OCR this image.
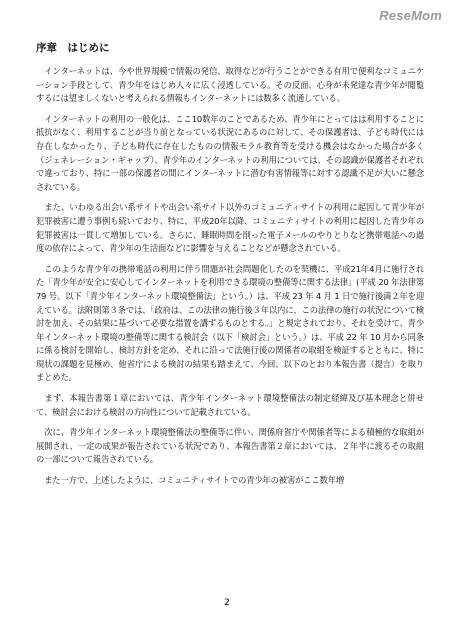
ReseMom
序章　はじめに

　インターネットは、今や世界規模で情報の発信、取得などが行うことができる有用で便利なコミュニケーション手段として、青少年をはじめ人々に広く浸透している。その反面、心身が未発達な青少年が閲覧するには望ましくないと考えられる情報もインターネットには数多く流通している。

　インターネットの利用の一般化は、ここ10数年のことであるため、青少年にとってはは利用することに抵抗がなく、利用することが当り前となっている状況にあるのに対して、その保護者は、子ども時代には存在しなかったり、子ども時代に存在したものの情報モラル教育等を受ける機会はなかった場合が多く（ジェネレーション・ギャップ）、青少年のインターネットの利用については、その認識が保護者それぞれで違っており、特に一部の保護者の間にインターネットに潜む有害情報等に対する認識不足が大いに懸念されている。

　また、いわゆる出会い系サイトや出会い系サイト以外のコミュニティサイトの利用に起因して青少年が犯罪被害に遭う事例も続いており、特に、平成20年以降、コミュニティサイトの利用に起因した青少年の犯罪被害は一貫して増加している。さらに、睡眠時間を削った電子メールのやりとりなど携帯電話への過度の依存によって、青少年の生活面などに影響を与えることなどが懸念されている。

　このような青少年の携帯電話の利用に伴う問題が社会問題化したのを契機に、平成21年4月に施行された「青少年が安全に安心してインターネットを利用できる環境の整備等に関する法律」(平成 20 年法律第 79 号。以下「青少年インターネット環境整備法」という。）は、平成 23 年 4 月 1 日で施行後満２年を迎えている。法附則第３条では、「政府は、この法律の施行後３年以内に、この法律の施行の状況について検討を加え、その結果に基づいて必要な措置を講ずるものとする。」と規定されており、それを受けて、青少年インターネット環境の整備等に関する検討会（以下「検討会」という。）は、平成 22 年 10 月から同条に係る検討を開始し、検討方針を定め、それに沿って法施行後の関係者の取組を検証するとともに、特に現状の課題を見極め、他省庁による検討の結果も踏まえて、今回、以下のとおり本報告書（提言）を取りまとめた。

　まず、本報告書第１章においては、青少年インターネット環境整備法の制定経緯及び基本理念と併せて、検討会における検討の方向性について記載されている。

　次に、青少年インターネット環境整備法の整備等に伴い、関係府省庁や関係者等による積極的な取組が展開され、一定の成果が報告されている状況であり、本報告書第２章においては、２年半に渡るその取組の一部について報告されている。

　また一方で、上述したように、コミュニティサイトでの青少年の被害がここ数年増

2
